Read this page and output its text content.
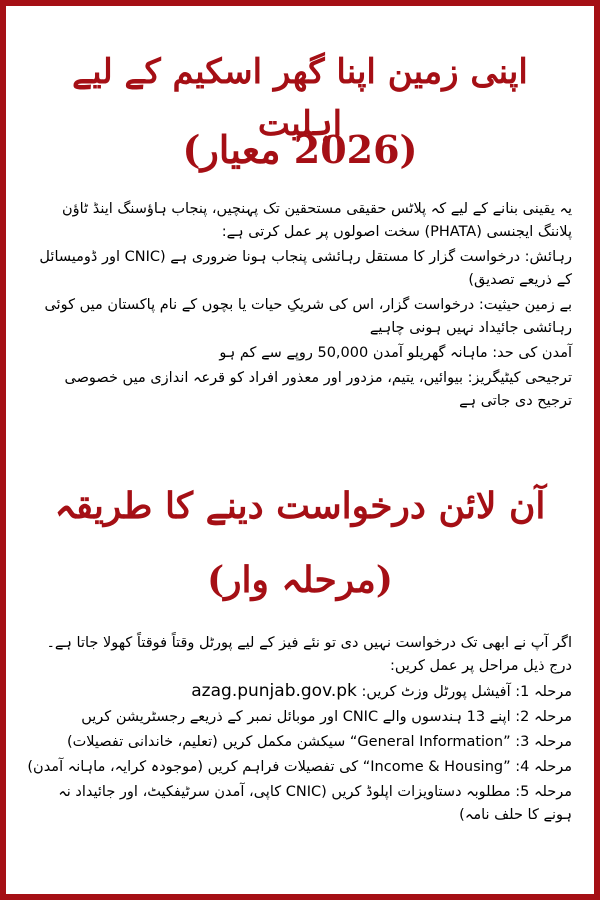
اپنی زمین اپنا گھر اسکیم کے لیے اہلیت
(2026 معیار)

یہ یقینی بنانے کے لیے کہ پلاٹس حقیقی مستحقین تک پہنچیں، پنجاب ہاؤسنگ اینڈ ٹاؤن پلاننگ ایجنسی (PHATA) سخت اصولوں پر عمل کرتی ہے:

رہائش: درخواست گزار کا مستقل رہائشی پنجاب ہونا ضروری ہے (CNIC اور ڈومیسائل کے ذریعے تصدیق)

بے زمین حیثیت: درخواست گزار، اس کی شریکِ حیات یا بچوں کے نام پاکستان میں کوئی رہائشی جائیداد نہیں ہونی چاہیے

آمدن کی حد: ماہانہ گھریلو آمدن 50,000 روپے سے کم ہو

ترجیحی کیٹیگریز: بیوائیں، یتیم، مزدور اور معذور افراد کو قرعہ اندازی میں خصوصی ترجیح دی جاتی ہے

آن لائن درخواست دینے کا طریقہ
(مرحلہ وار)

اگر آپ نے ابھی تک درخواست نہیں دی تو نئے فیز کے لیے پورٹل وقتاً فوقتاً کھولا جاتا ہے۔ درج ذیل مراحل پر عمل کریں:

مرحلہ 1: آفیشل پورٹل وزٹ کریں: azag.punjab.gov.pk

مرحلہ 2: اپنے 13 ہندسوں والے CNIC اور موبائل نمبر کے ذریعے رجسٹریشن کریں

مرحلہ 3: ”General Information“ سیکشن مکمل کریں (تعلیم، خاندانی تفصیلات)

مرحلہ 4: ”Income & Housing“ کی تفصیلات فراہم کریں (موجودہ کرایہ، ماہانہ آمدن)

مرحلہ 5: مطلوبہ دستاویزات اپلوڈ کریں (CNIC کاپی، آمدن سرٹیفکیٹ، اور جائیداد نہ ہونے کا حلف نامہ)
